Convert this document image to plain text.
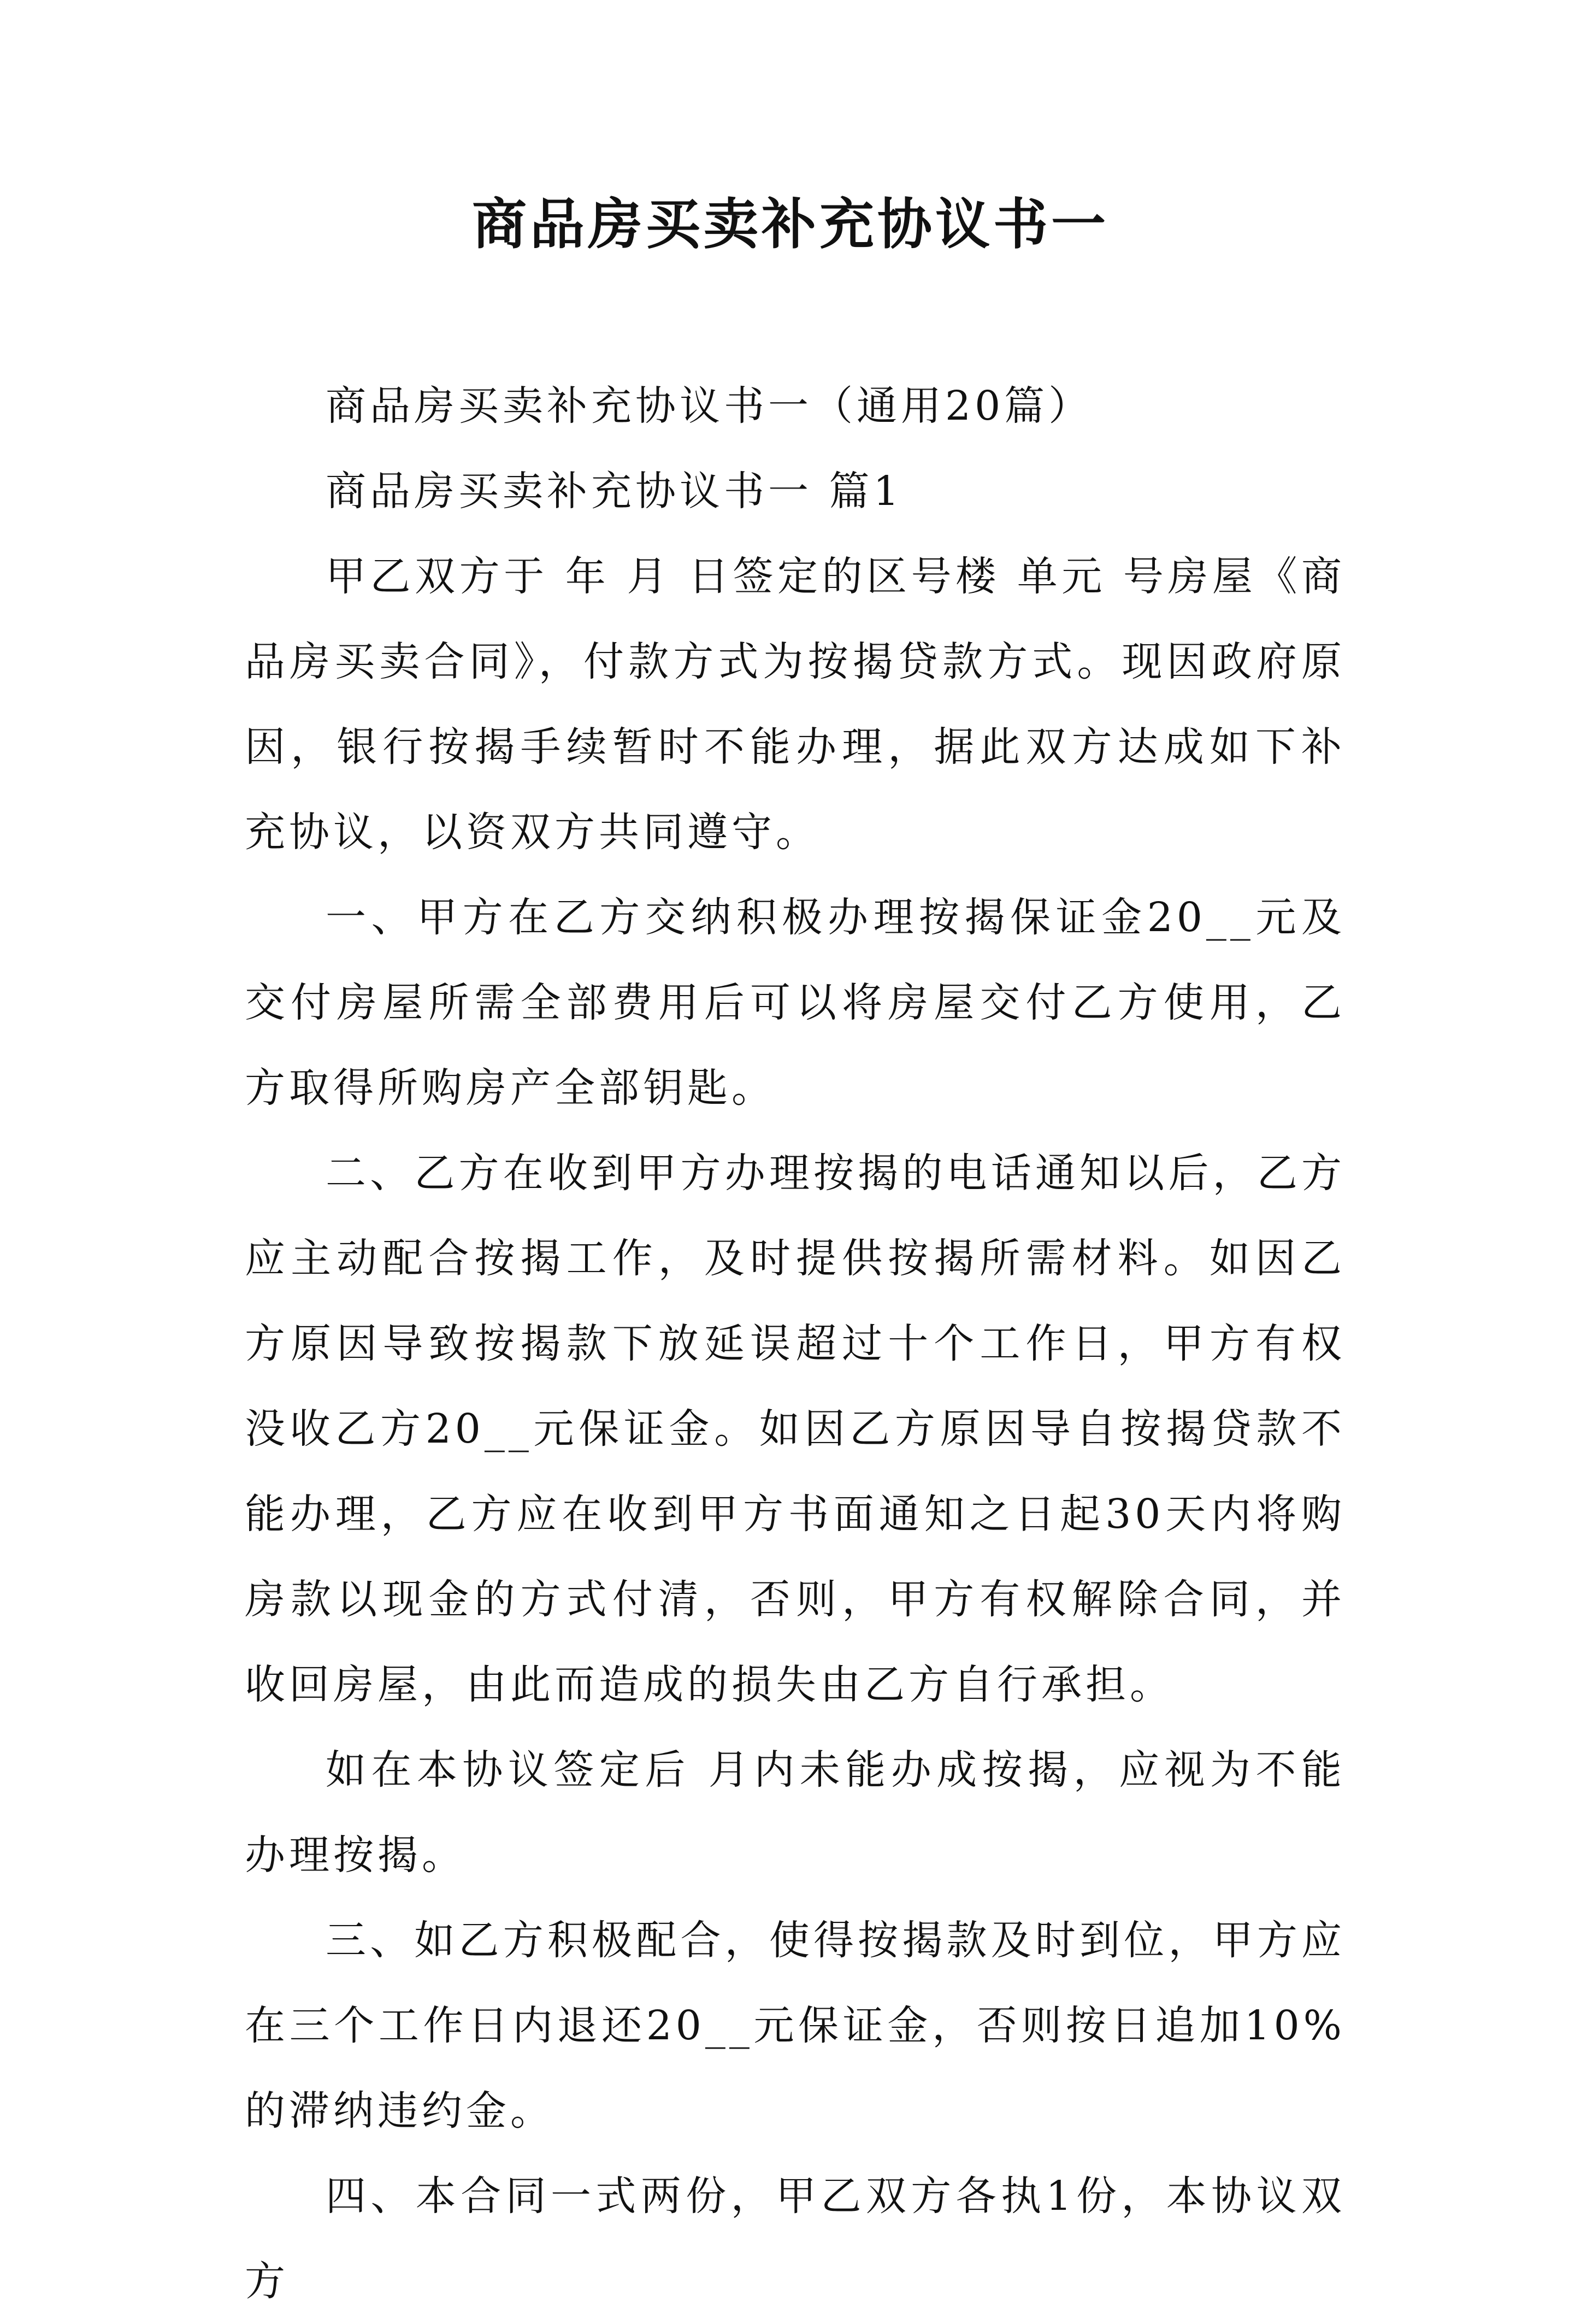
商品房买卖补充协议书一

商品房买卖补充协议书一（通用20篇）

商品房买卖补充协议书一 篇1

甲乙双方于 年 月 日签定的区号楼 单元 号房屋《商品房买卖合同》，付款方式为按揭贷款方式。现因政府原因，银行按揭手续暂时不能办理，据此双方达成如下补充协议，以资双方共同遵守。

一、甲方在乙方交纳积极办理按揭保证金20__元及交付房屋所需全部费用后可以将房屋交付乙方使用，乙方取得所购房产全部钥匙。

二、乙方在收到甲方办理按揭的电话通知以后，乙方应主动配合按揭工作，及时提供按揭所需材料。如因乙方原因导致按揭款下放延误超过十个工作日，甲方有权没收乙方20__元保证金。如因乙方原因导自按揭贷款不能办理，乙方应在收到甲方书面通知之日起30天内将购房款以现金的方式付清，否则，甲方有权解除合同，并收回房屋，由此而造成的损失由乙方自行承担。

如在本协议签定后 月内未能办成按揭，应视为不能办理按揭。

三、如乙方积极配合，使得按揭款及时到位，甲方应在三个工作日内退还20__元保证金，否则按日追加10%的滞纳违约金。

四、本合同一式两份，甲乙双方各执1份，本协议双方
